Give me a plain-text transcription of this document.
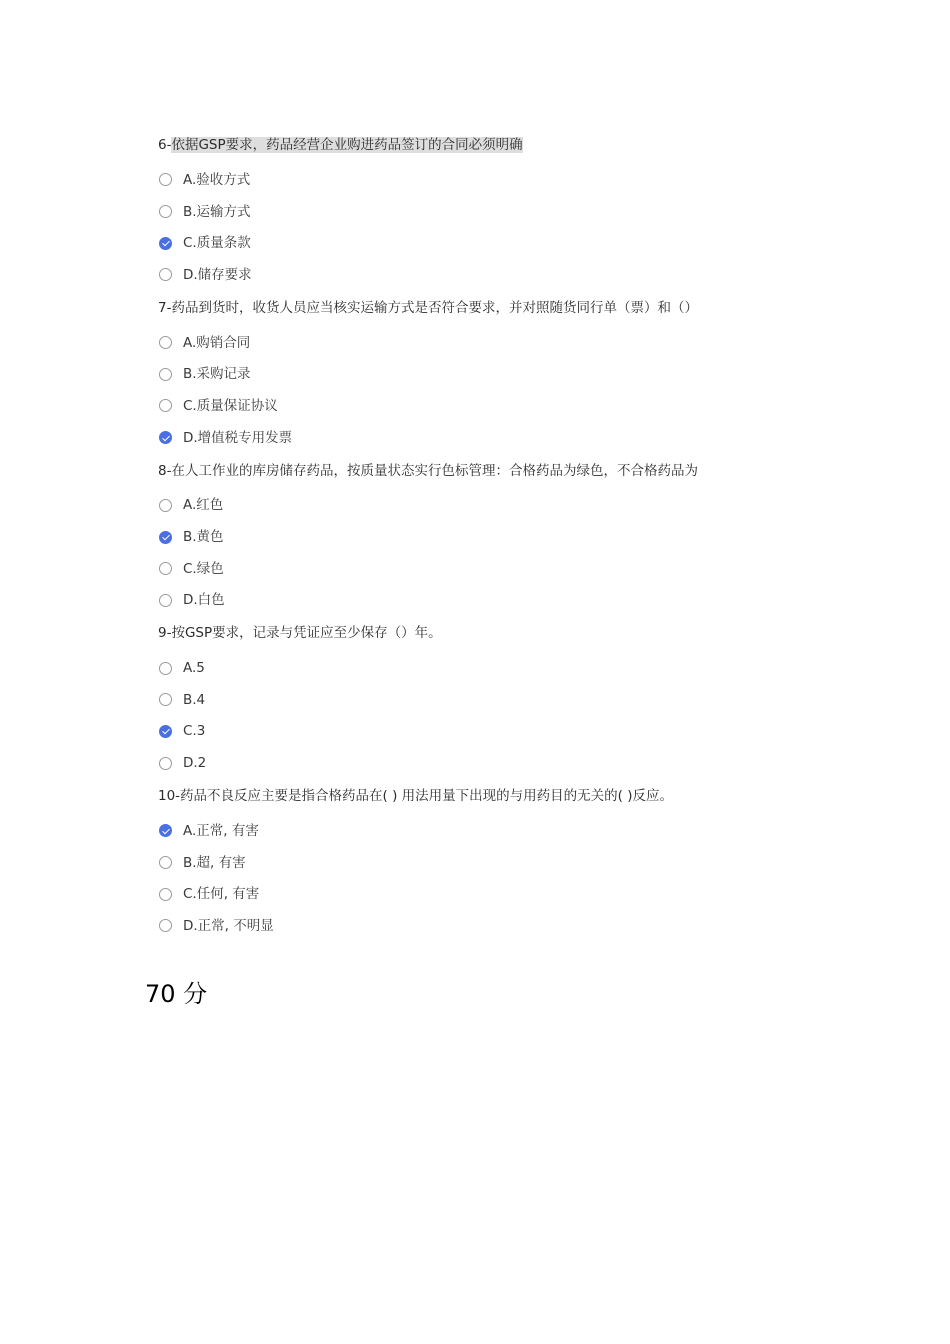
6-依据GSP要求，药品经营企业购进药品签订的合同必须明确
A.验收方式
B.运输方式
C.质量条款
D.储存要求
7-药品到货时，收货人员应当核实运输方式是否符合要求，并对照随货同行单（票）和（）
A.购销合同
B.采购记录
C.质量保证协议
D.增值税专用发票
8-在人工作业的库房储存药品，按质量状态实行色标管理：合格药品为绿色，不合格药品为
A.红色
B.黄色
C.绿色
D.白色
9-按GSP要求，记录与凭证应至少保存（）年。
A.5
B.4
C.3
D.2
10-药品不良反应主要是指合格药品在( ) 用法用量下出现的与用药目的无关的( )反应。
A.正常, 有害
B.超, 有害
C.任何, 有害
D.正常, 不明显
70 分
